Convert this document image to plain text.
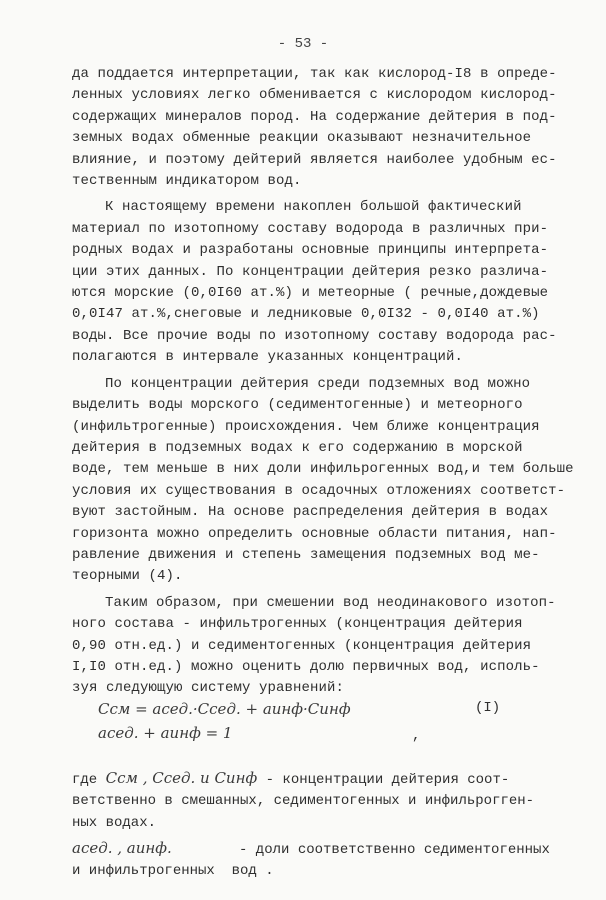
- 53 -
да поддается интерпретации, так как кислород-I8 в опреде-
ленных условиях легко обменивается с кислородом кислород-
содержащих минералов пород. На содержание дейтерия в под-
земных водах обменные реакции оказывают незначительное
влияние, и поэтому дейтерий является наиболее удобным ес-
тественным индикатором вод.
К настоящему времени накоплен большой фактический
материал по изотопному составу водорода в различных при-
родных водах и разработаны основные принципы интерпрета-
ции этих данных. По концентрации дейтерия резко различа-
ются морские (0,0I60 ат.%) и метеорные ( речные,дождевые
0,0I47 ат.%,снеговые и ледниковые 0,0I32 - 0,0I40 ат.%)
воды. Все прочие воды по изотопному составу водорода рас-
полагаются в интервале указанных концентраций.
По концентрации дейтерия среди подземных вод можно
выделить воды морского (седиментогенные) и метеорного
(инфильтрогенные) происхождения. Чем ближе концентрация
дейтерия в подземных водах к его содержанию в морской
воде, тем меньше в них доли инфильрогенных вод,и тем больше
условия их существования в осадочных отложениях соответст-
вуют застойным. На основе распределения дейтерия в водах
горизонта можно определить основные области питания, нап-
равление движения и степень замещения подземных вод ме-
теорными (4).
Таким образом, при смешении вод неодинакового изотоп-
ного состава - инфильтрогенных (концентрация дейтерия
0,90 отн.ед.) и седиментогенных (концентрация дейтерия
I,I0 отн.ед.) можно оценить долю первичных вод, исполь-
зуя следующую систему уравнений:
Cсм = aсед.·Cсед. + aинф·Cинф	(I)
aсед. + aинф = 1	,
где Cсм , Cсед. и Cинф - концентрации дейтерия соот-
ветственно в смешанных, седиментогенных и инфильрогген-
ных водах.
aсед. , aинф.        - доли соответственно седиментогенных
и инфильтрогенных  вод .
